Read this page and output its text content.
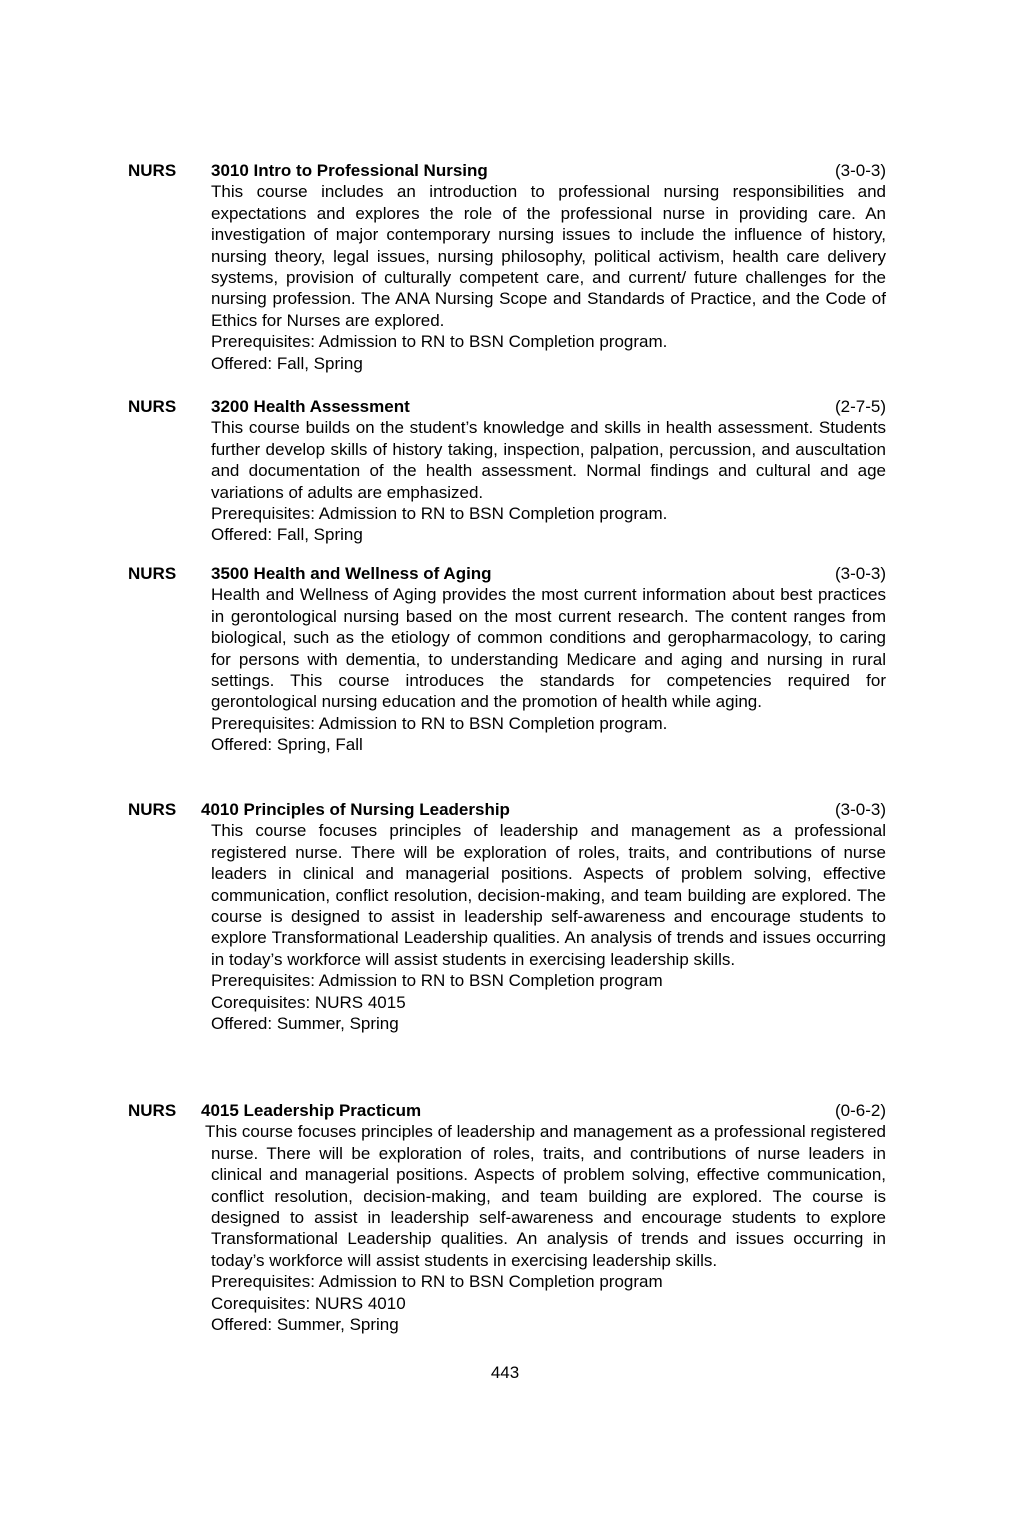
NURS 3010 Intro to Professional Nursing	(3-0-3)

This course includes an introduction to professional nursing responsibilities and expectations and explores the role of the professional nurse in providing care. An investigation of major contemporary nursing issues to include the influence of history, nursing theory, legal issues, nursing philosophy, political activism, health care delivery systems, provision of culturally competent care, and current/ future challenges for the nursing profession. The ANA Nursing Scope and Standards of Practice, and the Code of Ethics for Nurses are explored.

Prerequisites: Admission to RN to BSN Completion program.

Offered: Fall, Spring

NURS 3200 Health Assessment	(2-7-5)

This course builds on the student’s knowledge and skills in health assessment. Students further develop skills of history taking, inspection, palpation, percussion, and auscultation and documentation of the health assessment. Normal findings and cultural and age variations of adults are emphasized.

Prerequisites: Admission to RN to BSN Completion program.

Offered: Fall, Spring

NURS 3500 Health and Wellness of Aging	(3-0-3)

Health and Wellness of Aging provides the most current information about best practices in gerontological nursing based on the most current research. The content ranges from biological, such as the etiology of common conditions and geropharmacology, to caring for persons with dementia, to understanding Medicare and aging and nursing in rural settings. This course introduces the standards for competencies required for gerontological nursing education and the promotion of health while aging.

Prerequisites: Admission to RN to BSN Completion program.

Offered: Spring, Fall

NURS 4010 Principles of Nursing Leadership	(3-0-3)

This course focuses principles of leadership and management as a professional registered nurse. There will be exploration of roles, traits, and contributions of nurse leaders in clinical and managerial positions. Aspects of problem solving, effective communication, conflict resolution, decision-making, and team building are explored. The course is designed to assist in leadership self-awareness and encourage students to explore Transformational Leadership qualities. An analysis of trends and issues occurring in today’s workforce will assist students in exercising leadership skills.

Prerequisites: Admission to RN to BSN Completion program

Corequisites: NURS 4015

Offered: Summer, Spring

NURS 4015 Leadership Practicum	(0-6-2)

This course focuses principles of leadership and management as a professional registered nurse. There will be exploration of roles, traits, and contributions of nurse leaders in clinical and managerial positions. Aspects of problem solving, effective communication, conflict resolution, decision-making, and team building are explored. The course is designed to assist in leadership self-awareness and encourage students to explore Transformational Leadership qualities. An analysis of trends and issues occurring in today’s workforce will assist students in exercising leadership skills.

Prerequisites: Admission to RN to BSN Completion program

Corequisites: NURS 4010

Offered: Summer, Spring

443
